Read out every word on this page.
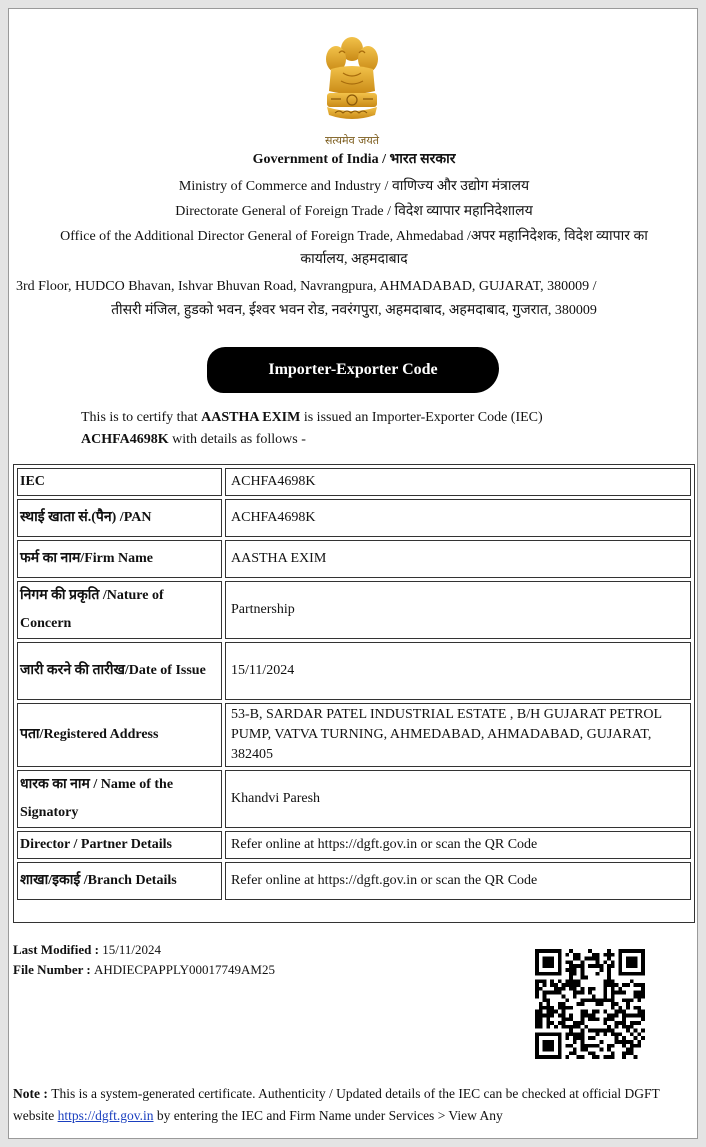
सत्यमेव जयते
Government of India / भारत सरकार
Ministry of Commerce and Industry / वाणिज्य और उद्योग मंत्रालय
Directorate General of Foreign Trade / विदेश व्यापार महानिदेशालय
Office of the Additional Director General of Foreign Trade, Ahmedabad /अपर महानिदेशक, विदेश व्यापार का
कार्यालय, अहमदाबाद
3rd Floor, HUDCO Bhavan, Ishvar Bhuvan Road, Navrangpura, AHMADABAD, GUJARAT, 380009 /
तीसरी मंजिल, हुडको भवन, ईश्वर भवन रोड, नवरंगपुरा, अहमदाबाद, अहमदाबाद, गुजरात, 380009
Importer-Exporter Code
This is to certify that AASTHA EXIM is issued an Importer-Exporter Code (IEC)
ACHFA4698K with details as follows -
IEC	ACHFA4698K
स्थाई खाता सं.(पैन) /PAN	ACHFA4698K
फर्म का नाम/Firm Name	AASTHA EXIM
निगम की प्रकृति /Nature of Concern	Partnership
जारी करने की तारीख/Date of Issue	15/11/2024
पता/Registered Address	53-B, SARDAR PATEL INDUSTRIAL ESTATE , B/H GUJARAT PETROL PUMP, VATVA TURNING, AHMEDABAD, AHMADABAD, GUJARAT, 382405
धारक का नाम / Name of the Signatory	Khandvi Paresh
Director / Partner Details	Refer online at https://dgft.gov.in or scan the QR Code
शाखा/इकाई /Branch Details	Refer online at https://dgft.gov.in or scan the QR Code
Last Modified : 15/11/2024
File Number : AHDIECPAPPLY00017749AM25
Note : This is a system-generated certificate. Authenticity / Updated details of the IEC can be checked at official DGFT website https://dgft.gov.in by entering the IEC and Firm Name under Services > View Any
